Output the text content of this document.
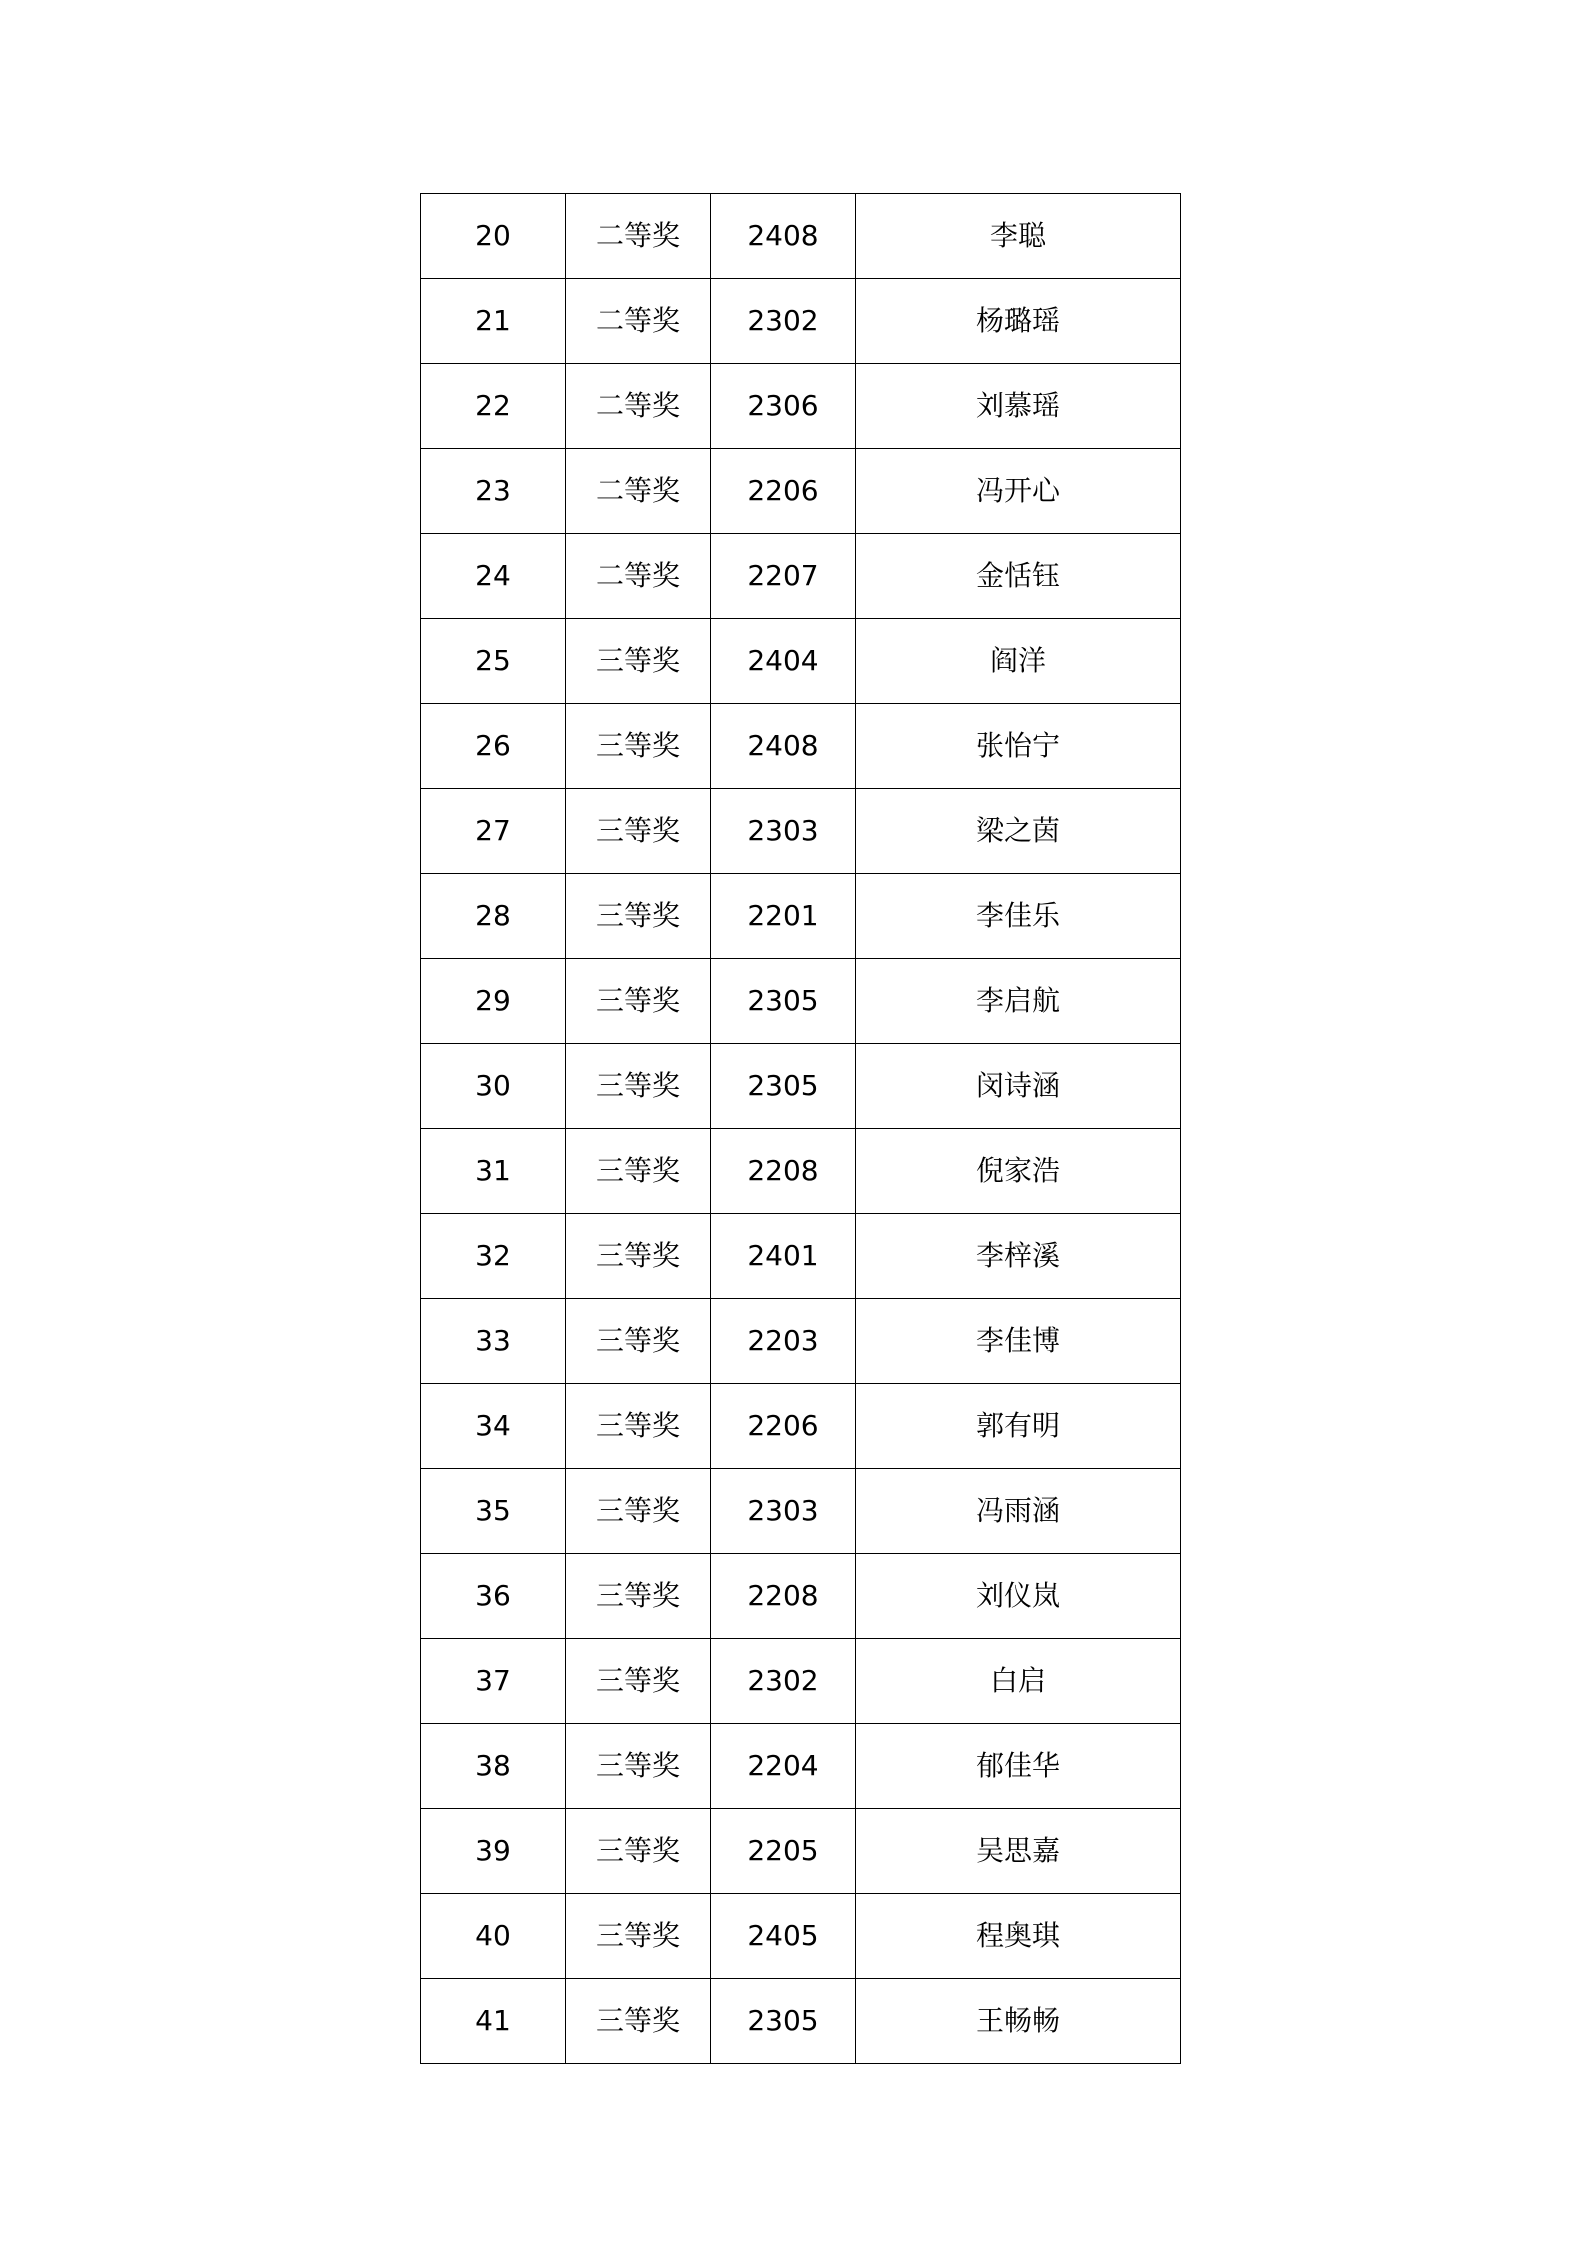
20	二等奖	2408	李聪
21	二等奖	2302	杨璐瑶
22	二等奖	2306	刘慕瑶
23	二等奖	2206	冯开心
24	二等奖	2207	金恬钰
25	三等奖	2404	阎洋
26	三等奖	2408	张怡宁
27	三等奖	2303	梁之茵
28	三等奖	2201	李佳乐
29	三等奖	2305	李启航
30	三等奖	2305	闵诗涵
31	三等奖	2208	倪家浩
32	三等奖	2401	李梓溪
33	三等奖	2203	李佳博
34	三等奖	2206	郭有明
35	三等奖	2303	冯雨涵
36	三等奖	2208	刘仪岚
37	三等奖	2302	白启
38	三等奖	2204	郁佳华
39	三等奖	2205	吴思嘉
40	三等奖	2405	程奥琪
41	三等奖	2305	王畅畅
